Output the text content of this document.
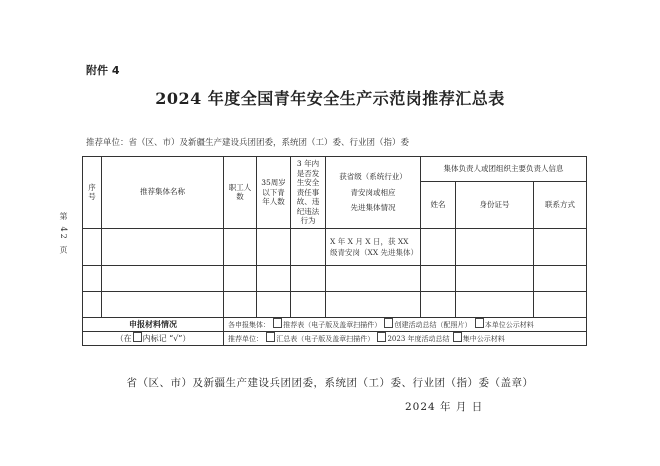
附件 4
2024 年度全国青年安全生产示范岗推荐汇总表
推荐单位：省（区、市）及新疆生产建设兵团团委，系统团（工）委、行业团（指）委
第 42 页
序号	推荐集体名称	职工人数	35周岁以下青年人数	3 年内是否发生安全责任事故、违纪违法行为	获省级（系统行业）
青安岗或相应
先进集体情况	集体负责人或团组织主要负责人信息		
						姓名	身份证号	联系方式
					X 年 X 月 X 日，获 XX 级青安岗（XX 先进集体）			

申报材料情况		各申报集体： 推荐表（电子版及盖章扫描件） 创建活动总结（配照片） 本单位公示材料						
（在 内标记 “√”）		推荐单位： 汇总表（电子版及盖章扫描件） 2023 年度活动总结 集中公示材料						
省（区、市）及新疆生产建设兵团团委，系统团（工）委、行业团（指）委（盖章）
2024 年 月 日
